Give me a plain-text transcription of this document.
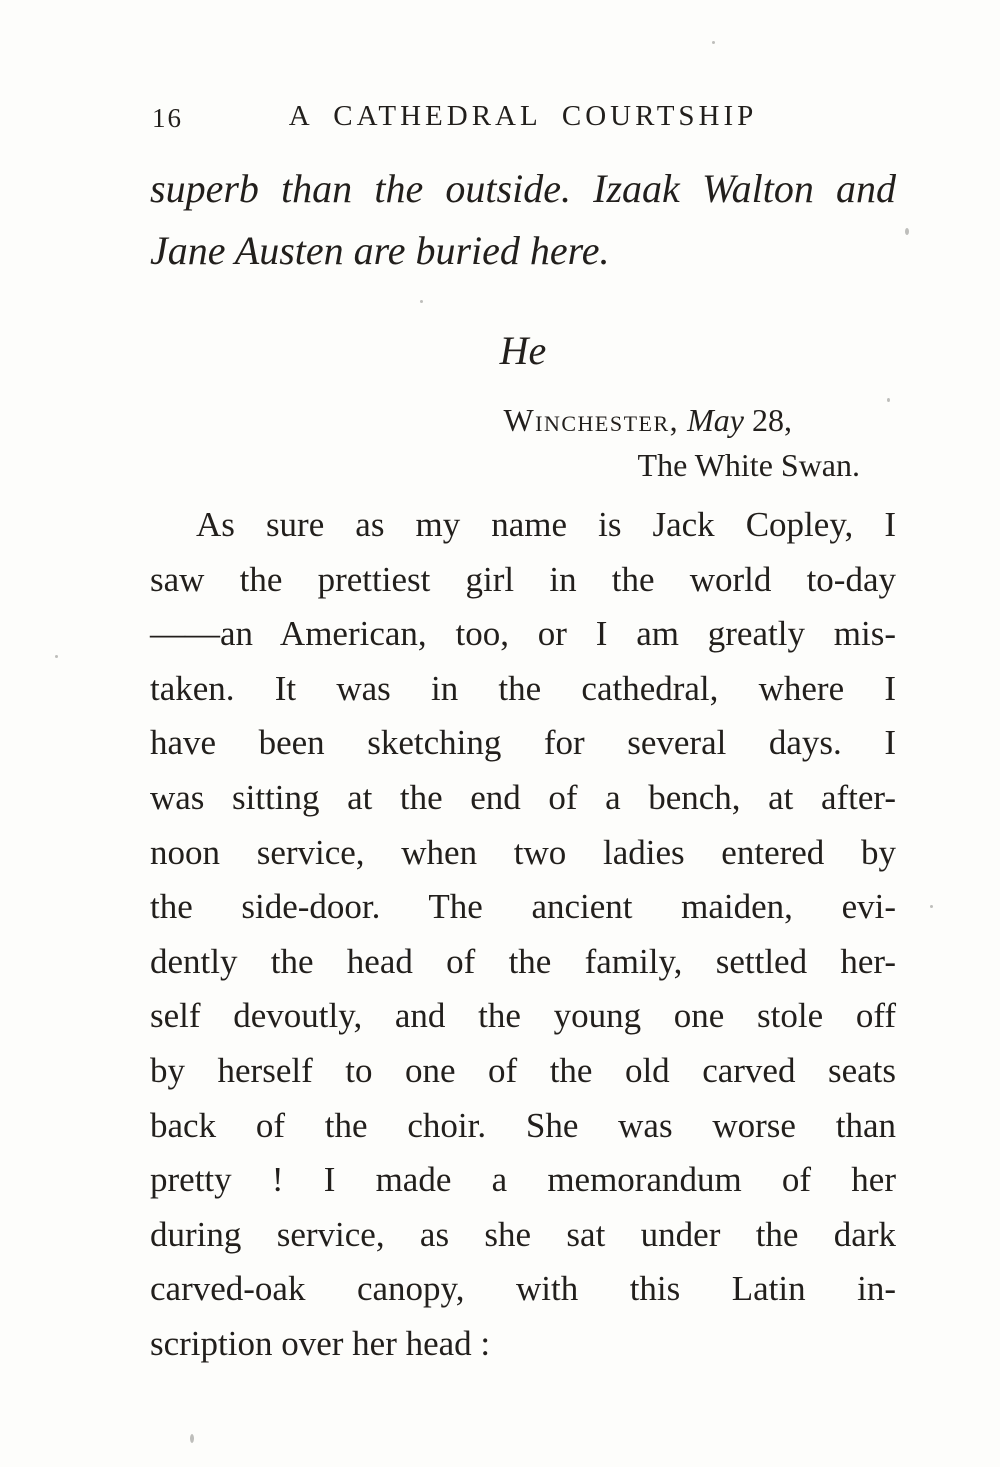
16	A CATHEDRAL COURTSHIP
superb than the outside. Izaak Walton and
Jane Austen are buried here.
He
Winchester, May 28,
The White Swan.
As sure as my name is Jack Copley, I
saw the prettiest girl in the world to-day
——an American, too, or I am greatly mis-
taken. It was in the cathedral, where I
have been sketching for several days. I
was sitting at the end of a bench, at after-
noon service, when two ladies entered by
the side-door. The ancient maiden, evi-
dently the head of the family, settled her-
self devoutly, and the young one stole off
by herself to one of the old carved seats
back of the choir. She was worse than
pretty ! I made a memorandum of her
during service, as she sat under the dark
carved-oak canopy, with this Latin in-
scription over her head :
